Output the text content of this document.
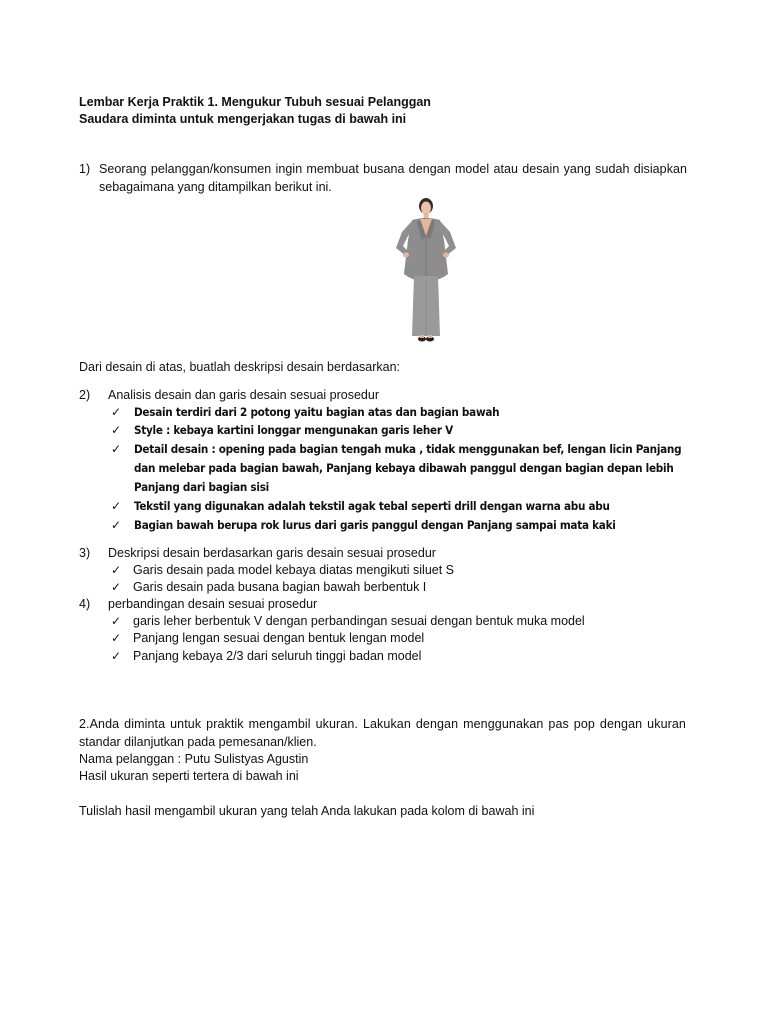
Lembar Kerja Praktik 1. Mengukur Tubuh sesuai Pelanggan
Saudara diminta untuk mengerjakan tugas di bawah ini
1) Seorang pelanggan/konsumen ingin membuat busana dengan model atau desain yang sudah disiapkan
sebagaimana yang ditampilkan berikut ini.
Dari desain di atas, buatlah deskripsi desain berdasarkan:
2) Analisis desain dan garis desain sesuai prosedur
✓ Desain terdiri dari 2 potong yaitu bagian atas dan bagian bawah
✓ Style : kebaya kartini longgar mengunakan garis leher V
✓ Detail desain : opening pada bagian tengah muka , tidak menggunakan bef, lengan licin Panjang
dan melebar pada bagian bawah, Panjang kebaya dibawah panggul dengan bagian depan lebih
Panjang dari bagian sisi
✓ Tekstil yang digunakan adalah tekstil agak tebal seperti drill dengan warna abu abu
✓ Bagian bawah berupa rok lurus dari garis panggul dengan Panjang sampai mata kaki
3) Deskripsi desain berdasarkan garis desain sesuai prosedur
✓ Garis desain pada model kebaya diatas mengikuti siluet S
✓ Garis desain pada busana bagian bawah berbentuk I
4) perbandingan desain sesuai prosedur
✓ garis leher berbentuk V dengan perbandingan sesuai dengan bentuk muka model
✓ Panjang lengan sesuai dengan bentuk lengan model
✓ Panjang kebaya 2/3 dari seluruh tinggi badan model
2.Anda diminta untuk praktik mengambil ukuran. Lakukan dengan menggunakan pas pop dengan ukuran
standar dilanjutkan pada pemesanan/klien.
Nama pelanggan : Putu Sulistyas Agustin
Hasil ukuran seperti tertera di bawah ini
Tulislah hasil mengambil ukuran yang telah Anda lakukan pada kolom di bawah ini
